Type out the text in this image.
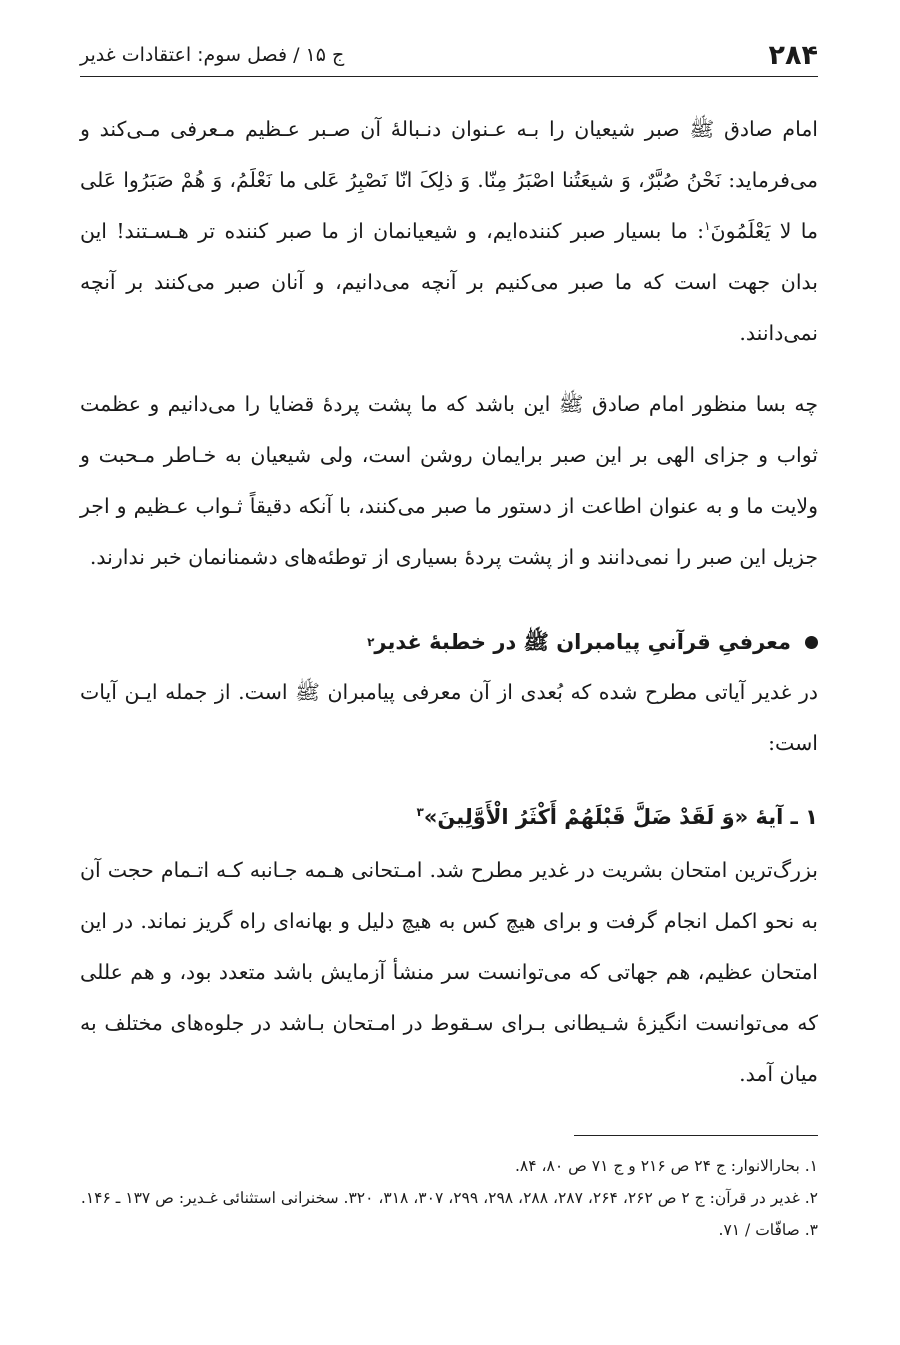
۲۸۴
ج ۱۵ / فصل سوم: اعتقادات غدیر

امام صادق ﷺ صبر شیعیان را بـه عـنوان دنـبالهٔ آن صـبر عـظیم مـعرفی مـی‌کند و می‌فرماید: نَحْنُ صُبَّرٌ، وَ شیعَتُنا اصْبَرُ مِنّا. وَ ذلِکَ انّا نَصْبِرُ عَلی ما نَعْلَمُ، وَ هُمْ صَبَرُوا عَلی ما لا یَعْلَمُونَ$^۱$: ما بسیار صبر کننده‌ایم، و شیعیانمان از ما صبر کننده تر هـسـتند! این بدان جهت است که ما صبر می‌کنیم بر آنچه می‌دانیم، و آنان صبر می‌کنند بر آنچه نمی‌دانند.

چه بسا منظور امام صادق ﷺ این باشد که ما پشت پردهٔ قضایا را می‌دانیم و عظمت ثواب و جزای الهی بر این صبر برایمان روشن است، ولی شیعیان به خـاطر مـحبت و ولایت ما و به عنوان اطاعت از دستور ما صبر می‌کنند، با آنکه دقیقاً ثـواب عـظیم و اجر جزیل این صبر را نمی‌دانند و از پشت پردهٔ بسیاری از توطئه‌های دشمنانمان خبر ندارند.

معرفیِ قرآنیِ پیامبران ﷺ در خطبهٔ غدیر
۲

در غدیر آیاتی مطرح شده که بُعدی از آن معرفی پیامبران ﷺ است. از جمله ایـن آیات است:

۱ ـ آیهٔ «وَ لَقَدْ ضَلَّ قَبْلَهُمْ أَكْثَرُ الْأَوَّلِينَ»$^۳$

بزرگ‌ترین امتحان بشریت در غدیر مطرح شد. امـتحانی هـمه جـانبه کـه اتـمام حجت آن به نحو اکمل انجام گرفت و برای هیچ کس به هیچ دلیل و بهانه‌ای راه گریز نماند. در این امتحان عظیم، هم جهاتی که می‌توانست سر منشأ آزمایش باشد متعدد بود، و هم عللی که می‌توانست انگیزهٔ شـیطانی بـرای سـقوط در امـتحان بـاشد در جلوه‌های مختلف به میان آمد.

۱. بحارالانوار: ج ۲۴ ص ۲۱۶ و ج ۷۱ ص ۸۰، ۸۴.
۲. غدیر در قرآن: ج ۲ ص ۲۶۲، ۲۶۴، ۲۸۷، ۲۸۸، ۲۹۸، ۲۹۹، ۳۰۷، ۳۱۸، ۳۲۰. سخنرانی استثنائی غـدیر: ص ۱۳۷ ـ ۱۴۶.
۳. صافّات / ۷۱.
